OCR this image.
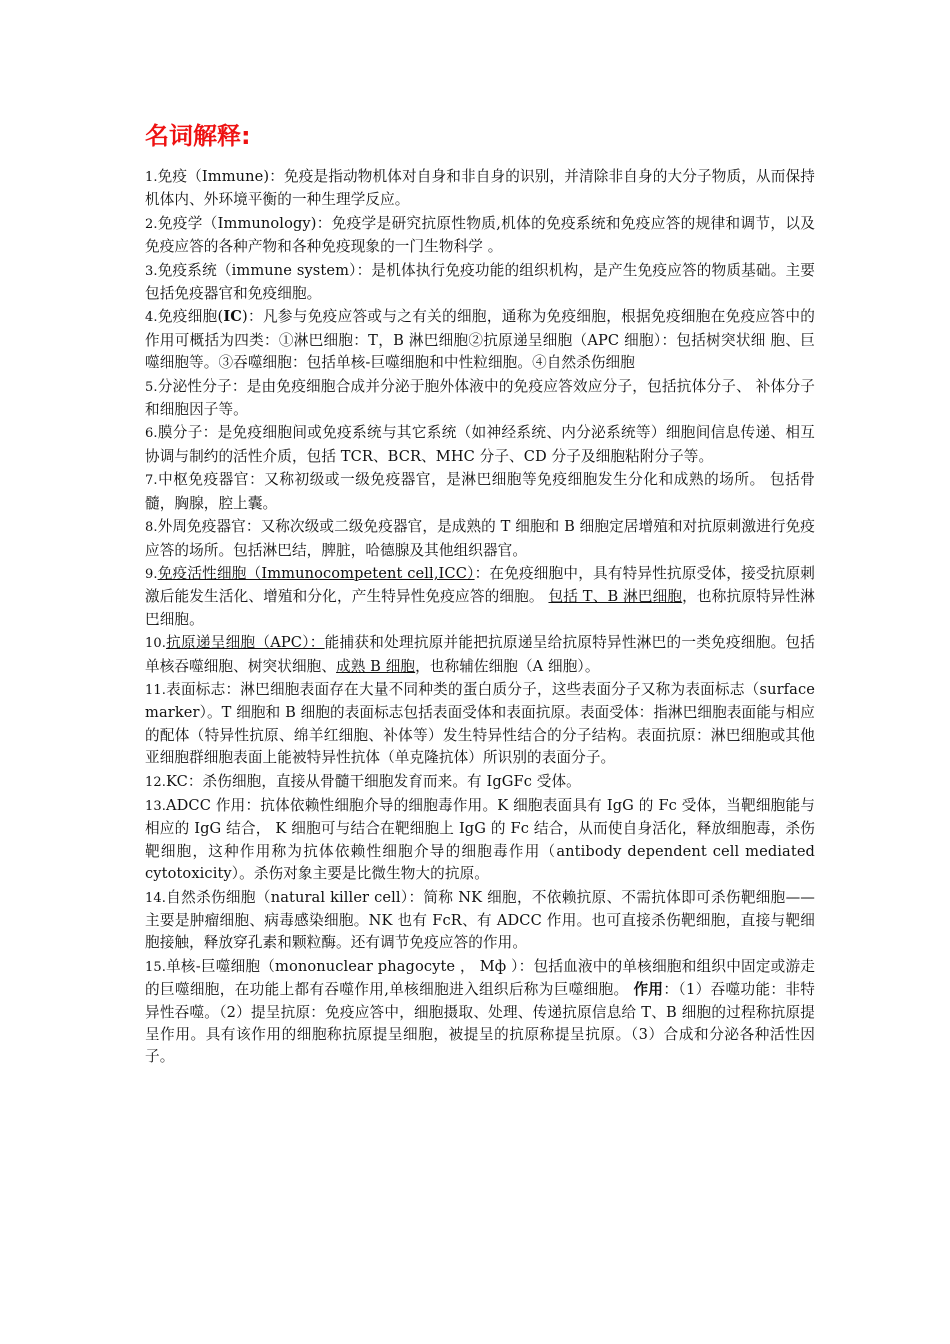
名词解释:

1.免疫（Immune)：免疫是指动物机体对自身和非自身的识别，并清除非自身的大分子物质，从而保持机体内、外环境平衡的一种生理学反应。

2.免疫学（Immunology)：免疫学是研究抗原性物质,机体的免疫系统和免疫应答的规律和调节，以及免疫应答的各种产物和各种免疫现象的一门生物科学 。

3.免疫系统（immune system）：是机体执行免疫功能的组织机构，是产生免疫应答的物质基础。主要包括免疫器官和免疫细胞。

4.免疫细胞(IC)：凡参与免疫应答或与之有关的细胞，通称为免疫细胞，根据免疫细胞在免疫应答中的作用可概括为四类：①淋巴细胞：T，B 淋巴细胞②抗原递呈细胞（APC 细胞）：包括树突状细 胞、巨噬细胞等。③吞噬细胞：包括单核-巨噬细胞和中性粒细胞。④自然杀伤细胞

5.分泌性分子：是由免疫细胞合成并分泌于胞外体液中的免疫应答效应分子，包括抗体分子、 补体分子和细胞因子等。

6.膜分子：是免疫细胞间或免疫系统与其它系统（如神经系统、内分泌系统等）细胞间信息传递、相互协调与制约的活性介质，包括 TCR、BCR、MHC 分子、CD 分子及细胞粘附分子等。

7.中枢免疫器官：又称初级或一级免疫器官，是淋巴细胞等免疫细胞发生分化和成熟的场所。 包括骨髓，胸腺，腔上囊。

8.外周免疫器官：又称次级或二级免疫器官，是成熟的 T 细胞和 B 细胞定居增殖和对抗原刺激进行免疫应答的场所。包括淋巴结，脾脏，哈德腺及其他组织器官。

9.免疫活性细胞（Immunocompetent cell,ICC）：在免疫细胞中，具有特异性抗原受体，接受抗原刺激后能发生活化、增殖和分化，产生特异性免疫应答的细胞。 包括 T、B 淋巴细胞，也称抗原特异性淋巴细胞。

10.抗原递呈细胞（APC）：能捕获和处理抗原并能把抗原递呈给抗原特异性淋巴的一类免疫细胞。包括单核吞噬细胞、树突状细胞、成熟 B 细胞，也称辅佐细胞（A 细胞）。

11.表面标志：淋巴细胞表面存在大量不同种类的蛋白质分子，这些表面分子又称为表面标志（surface marker）。T 细胞和 B 细胞的表面标志包括表面受体和表面抗原。表面受体：指淋巴细胞表面能与相应的配体（特异性抗原、绵羊红细胞、补体等）发生特异性结合的分子结构。表面抗原：淋巴细胞或其他亚细胞群细胞表面上能被特异性抗体（单克隆抗体）所识别的表面分子。

12.KC：杀伤细胞，直接从骨髓干细胞发育而来。有 IgGFc 受体。

13.ADCC 作用：抗体依赖性细胞介导的细胞毒作用。K 细胞表面具有 IgG 的 Fc 受体，当靶细胞能与相应的 IgG 结合， K 细胞可与结合在靶细胞上 IgG 的 Fc 结合，从而使自身活化，释放细胞毒，杀伤靶细胞，这种作用称为抗体依赖性细胞介导的细胞毒作用（antibody dependent cell mediated cytotoxicity）。杀伤对象主要是比微生物大的抗原。

14.自然杀伤细胞（natural killer cell）：简称 NK 细胞，不依赖抗原、不需抗体即可杀伤靶细胞——主要是肿瘤细胞、病毒感染细胞。NK 也有 FcR、有 ADCC 作用。也可直接杀伤靶细胞，直接与靶细胞接触，释放穿孔素和颗粒酶。还有调节免疫应答的作用。

15.单核-巨噬细胞（mononuclear phagocyte ， Mф ）：包括血液中的单核细胞和组织中固定或游走的巨噬细胞，在功能上都有吞噬作用,单核细胞进入组织后称为巨噬细胞。 作用：（1）吞噬功能：非特异性吞噬。（2）提呈抗原：免疫应答中，细胞摄取、处理、传递抗原信息给 T、B 细胞的过程称抗原提呈作用。具有该作用的细胞称抗原提呈细胞，被提呈的抗原称提呈抗原。（3）合成和分泌各种活性因子。
